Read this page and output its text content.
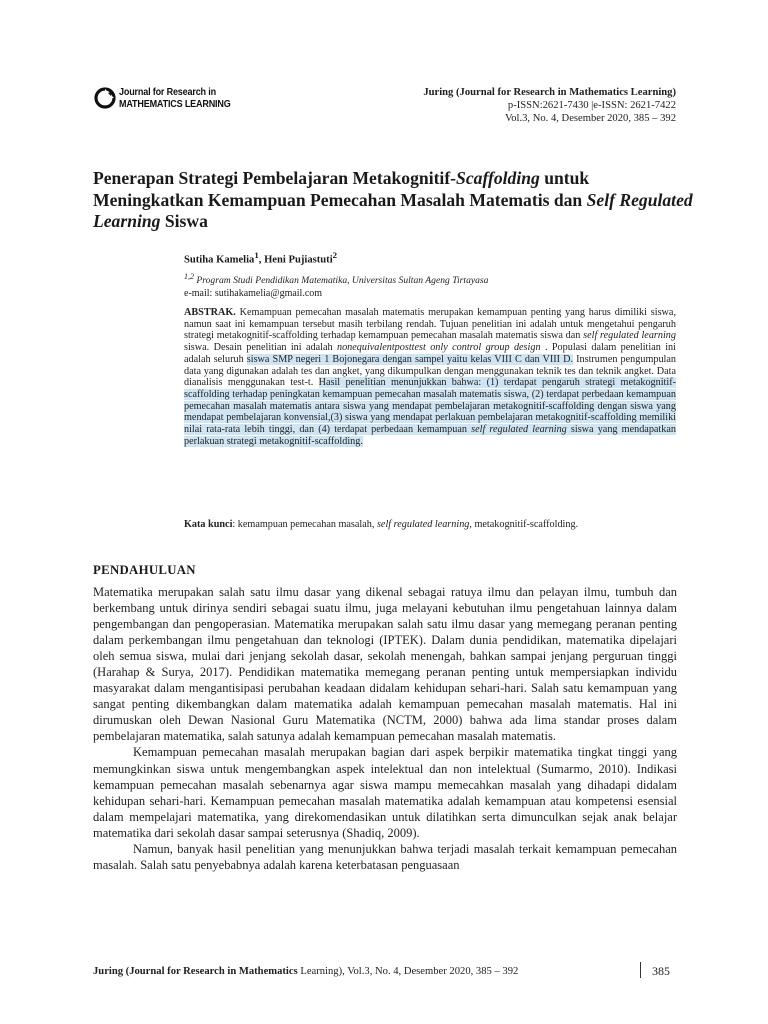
Journal for Research in
MATHEMATICS LEARNING
Juring (Journal for Research in Mathematics Learning)
p-ISSN:2621-7430 |e-ISSN: 2621-7422
Vol.3, No. 4, Desember 2020, 385 – 392
Penerapan Strategi Pembelajaran Metakognitif-Scaffolding untuk Meningkatkan Kemampuan Pemecahan Masalah Matematis dan Self Regulated Learning Siswa
Sutiha Kamelia$^1$, Heni Pujiastuti$^2$
$^{1,2}$ Program Studi Pendidikan Matematika, Universitas Sultan Ageng Tirtayasa
e-mail: sutihakamelia@gmail.com
ABSTRAK. Kemampuan pemecahan masalah matematis merupakan kemampuan penting yang harus dimiliki siswa, namun saat ini kemampuan tersebut masih terbilang rendah. Tujuan penelitian ini adalah untuk mengetahui pengaruh strategi metakognitif-scaffolding terhadap kemampuan pemecahan masalah matematis siswa dan self regulated learning siswa. Desain penelitian ini adalah nonequivalentposttest only control group design . Populasi dalam penelitian ini adalah seluruh siswa SMP negeri 1 Bojonegara dengan sampel yaitu kelas VIII C dan VIII D. Instrumen pengumpulan data yang digunakan adalah tes dan angket, yang dikumpulkan dengan menggunakan teknik tes dan teknik angket. Data dianalisis menggunakan test-t. Hasil penelitian menunjukkan bahwa: (1) terdapat pengaruh strategi metakognitif-scaffolding terhadap peningkatan kemampuan pemecahan masalah matematis siswa, (2) terdapat perbedaan kemampuan pemecahan masalah matematis antara siswa yang mendapat pembelajaran metakognitif-scaffolding dengan siswa yang mendapat pembelajaran konvensial,(3) siswa yang mendapat perlakuan pembelajaran metakognitif-scaffolding memiliki nilai rata-rata lebih tinggi, dan (4) terdapat perbedaan kemampuan self regulated learning siswa yang mendapatkan perlakuan strategi metakognitif-scaffolding.
Kata kunci: kemampuan pemecahan masalah, self regulated learning, metakognitif-scaffolding.
PENDAHULUAN

Matematika merupakan salah satu ilmu dasar yang dikenal sebagai ratuya ilmu dan pelayan ilmu, tumbuh dan berkembang untuk dirinya sendiri sebagai suatu ilmu, juga melayani kebutuhan ilmu pengetahuan lainnya dalam pengembangan dan pengoperasian. Matematika merupakan salah satu ilmu dasar yang memegang peranan penting dalam perkembangan ilmu pengetahuan dan teknologi (IPTEK). Dalam dunia pendidikan, matematika dipelajari oleh semua siswa, mulai dari jenjang sekolah dasar, sekolah menengah, bahkan sampai jenjang perguruan tinggi (Harahap & Surya, 2017). Pendidikan matematika memegang peranan penting untuk mempersiapkan individu masyarakat dalam mengantisipasi perubahan keadaan didalam kehidupan sehari-hari. Salah satu kemampuan yang sangat penting dikembangkan dalam matematika adalah kemampuan pemecahan masalah matematis. Hal ini dirumuskan oleh Dewan Nasional Guru Matematika (NCTM, 2000) bahwa ada lima standar proses dalam pembelajaran matematika, salah satunya adalah kemampuan pemecahan masalah matematis.

Kemampuan pemecahan masalah merupakan bagian dari aspek berpikir matematika tingkat tinggi yang memungkinkan siswa untuk mengembangkan aspek intelektual dan non intelektual (Sumarmo, 2010). Indikasi kemampuan pemecahan masalah sebenarnya agar siswa mampu memecahkan masalah yang dihadapi didalam kehidupan sehari-hari. Kemampuan pemecahan masalah matematika adalah kemampuan atau kompetensi esensial dalam mempelajari matematika, yang direkomendasikan untuk dilatihkan serta dimunculkan sejak anak belajar matematika dari sekolah dasar sampai seterusnya (Shadiq, 2009).

Namun, banyak hasil penelitian yang menunjukkan bahwa terjadi masalah terkait kemampuan pemecahan masalah. Salah satu penyebabnya adalah karena keterbatasan penguasaan

Juring (Journal for Research in Mathematics Learning), Vol.3, No. 4, Desember 2020, 385 – 392	385
